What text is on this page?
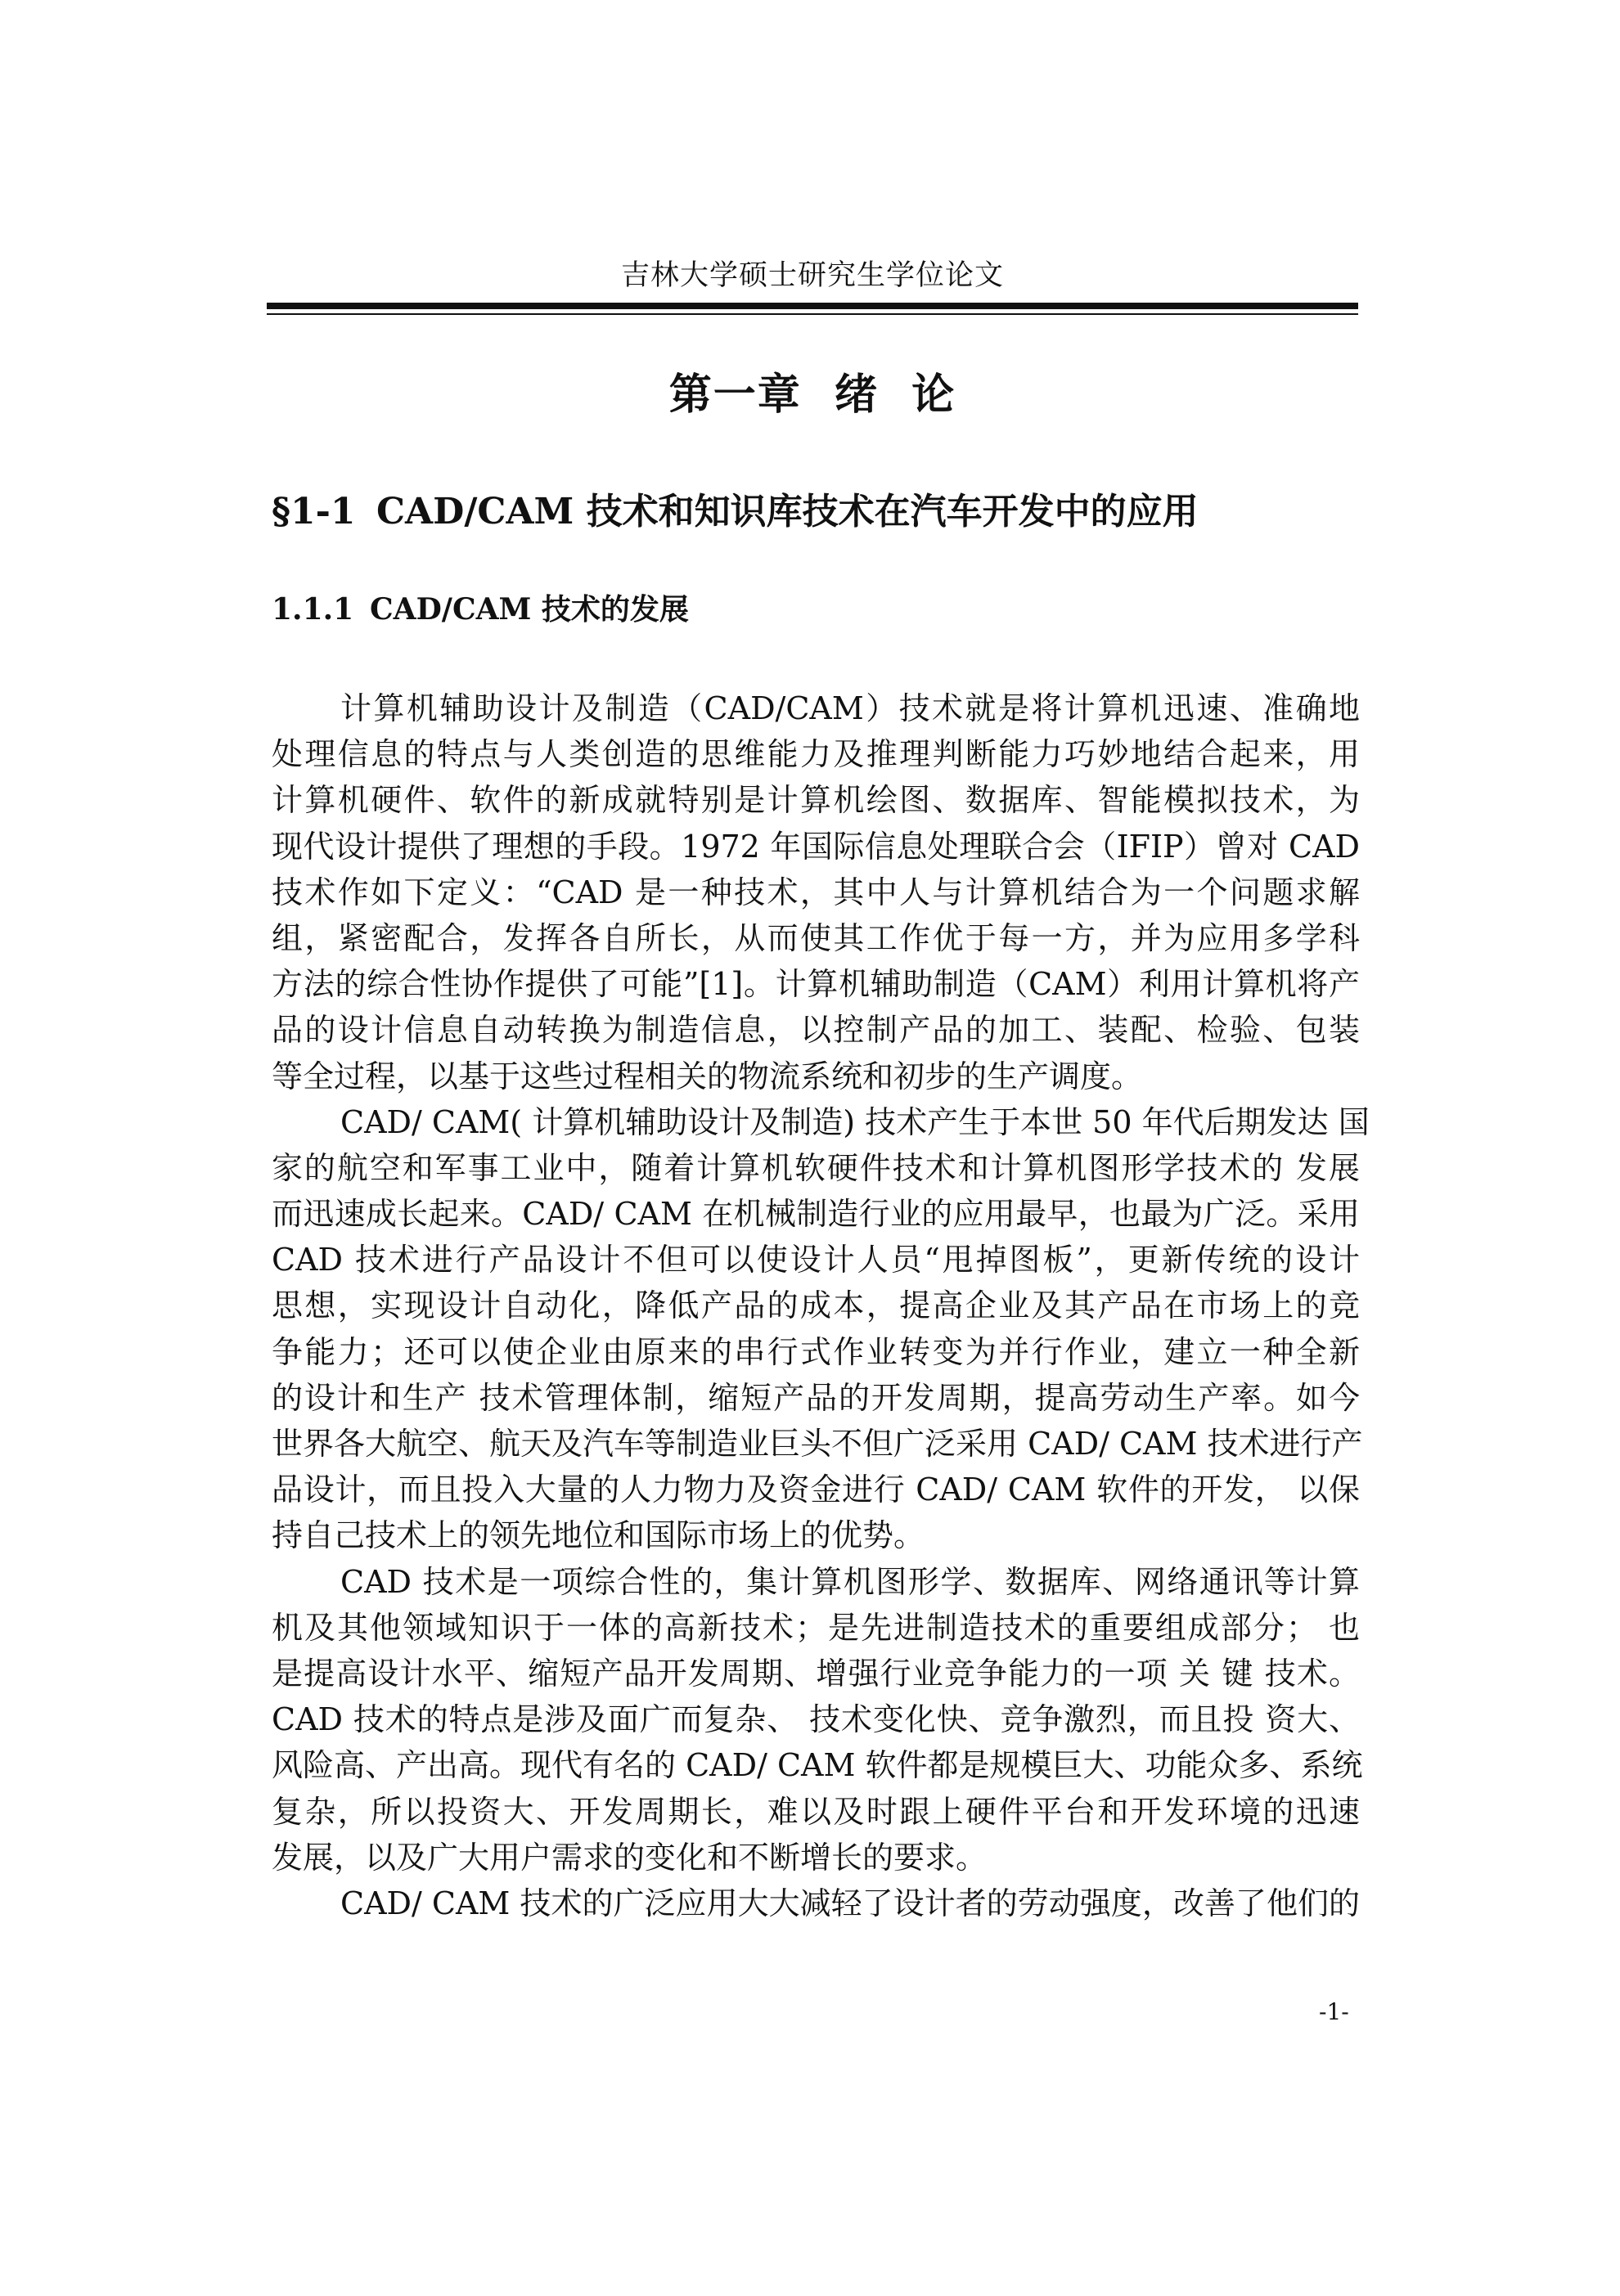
吉林大学硕士研究生学位论文
第一章  绪  论
§1-1 CAD/CAM 技术和知识库技术在汽车开发中的应用
1.1.1 CAD/CAM 技术的发展
计算机辅助设计及制造（CAD/CAM）技术就是将计算机迅速、准确地
处理信息的特点与人类创造的思维能力及推理判断能力巧妙地结合起来，用
计算机硬件、软件的新成就特别是计算机绘图、数据库、智能模拟技术，为
现代设计提供了理想的手段。1972 年国际信息处理联合会（IFIP）曾对 CAD
技术作如下定义：“CAD 是一种技术，其中人与计算机结合为一个问题求解
组，紧密配合，发挥各自所长，从而使其工作优于每一方，并为应用多学科
方法的综合性协作提供了可能”[1]。计算机辅助制造（CAM）利用计算机将产
品的设计信息自动转换为制造信息，以控制产品的加工、装配、检验、包装
等全过程，以基于这些过程相关的物流系统和初步的生产调度。
CAD/ CAM( 计算机辅助设计及制造) 技术产生于本世 50 年代后期发达 国
家的航空和军事工业中，随着计算机软硬件技术和计算机图形学技术的 发展
而迅速成长起来。CAD/ CAM 在机械制造行业的应用最早，也最为广泛。采用
CAD 技术进行产品设计不但可以使设计人员“甩掉图板”，更新传统的设计
思想，实现设计自动化，降低产品的成本，提高企业及其产品在市场上的竞
争能力；还可以使企业由原来的串行式作业转变为并行作业，建立一种全新
的设计和生产 技术管理体制，缩短产品的开发周期，提高劳动生产率。如今
世界各大航空、航天及汽车等制造业巨头不但广泛采用 CAD/ CAM 技术进行产
品设计，而且投入大量的人力物力及资金进行 CAD/ CAM 软件的开发， 以保
持自己技术上的领先地位和国际市场上的优势。
CAD 技术是一项综合性的，集计算机图形学、数据库、网络通讯等计算
机及其他领域知识于一体的高新技术；是先进制造技术的重要组成部分； 也
是提高设计水平、缩短产品开发周期、增强行业竞争能力的一项 关 键 技术。
CAD 技术的特点是涉及面广而复杂、 技术变化快、竞争激烈，而且投 资大、
风险高、产出高。现代有名的 CAD/ CAM 软件都是规模巨大、功能众多、系统
复杂，所以投资大、开发周期长，难以及时跟上硬件平台和开发环境的迅速
发展，以及广大用户需求的变化和不断增长的要求。
CAD/ CAM 技术的广泛应用大大减轻了设计者的劳动强度，改善了他们的
-1-
